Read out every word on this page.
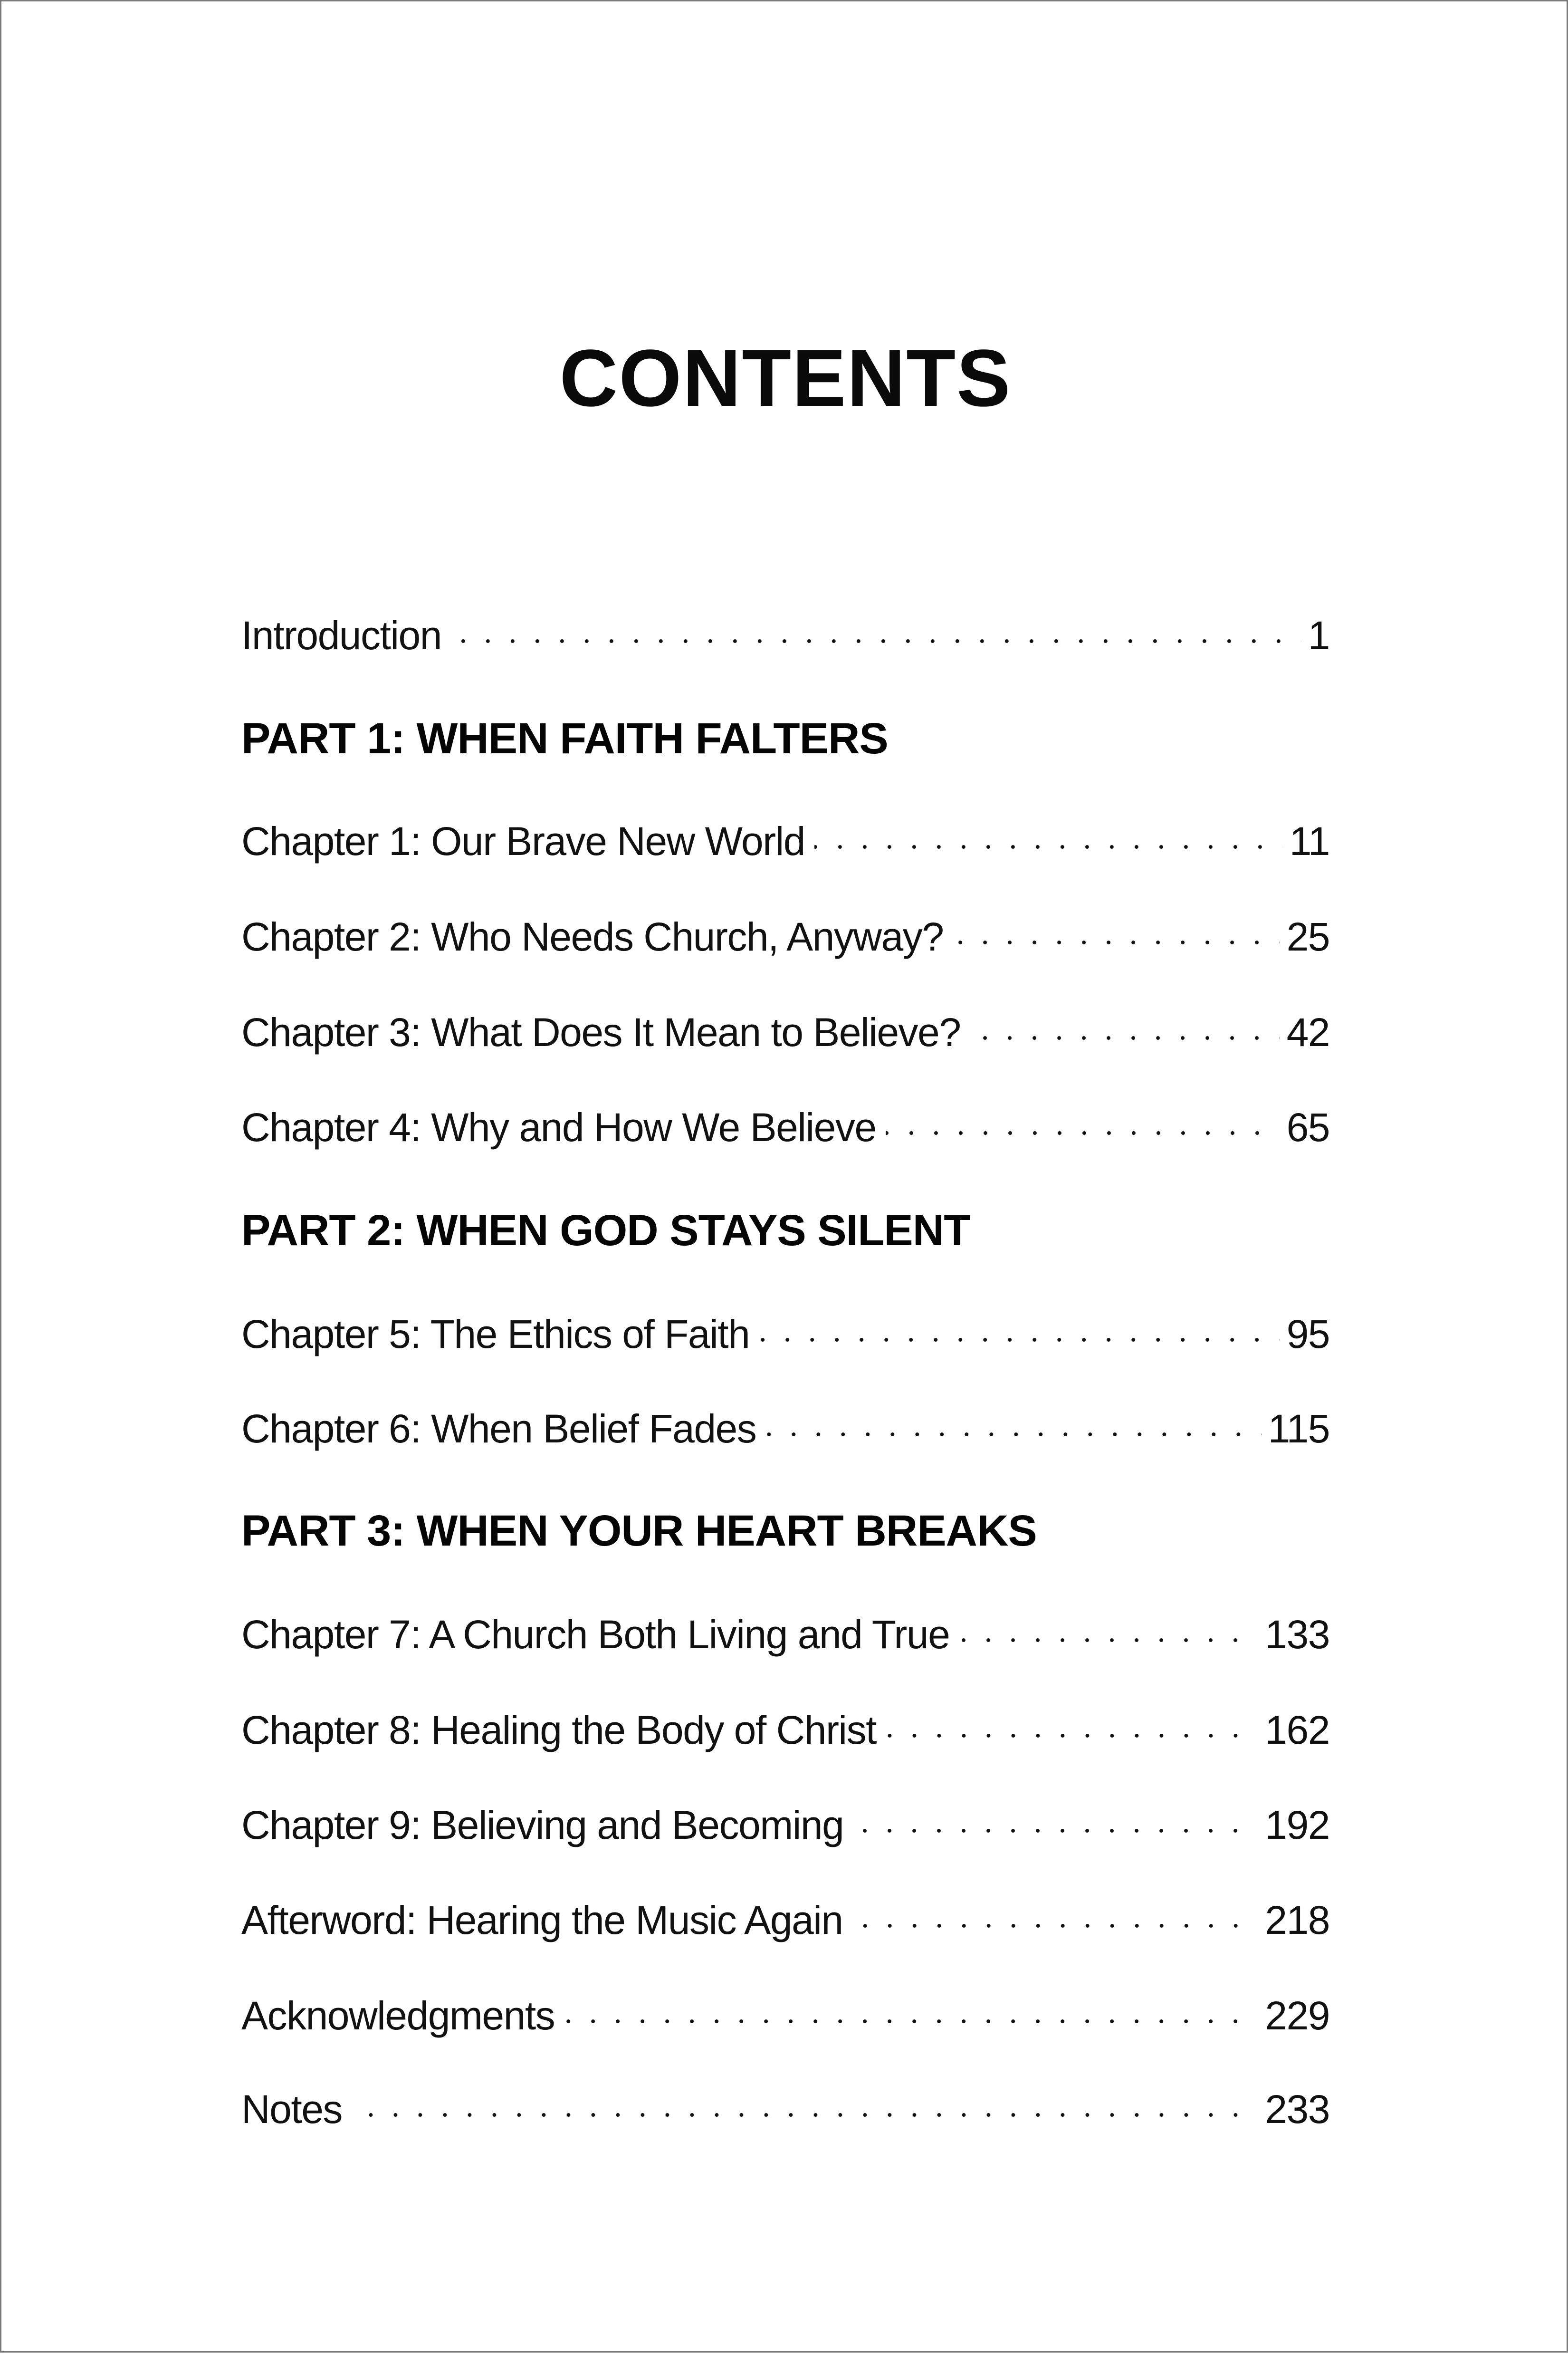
CONTENTS
Introduction	1
PART 1: WHEN FAITH FALTERS
Chapter 1: Our Brave New World	11
Chapter 2: Who Needs Church, Anyway?	25
Chapter 3: What Does It Mean to Believe?	42
Chapter 4: Why and How We Believe	65
PART 2: WHEN GOD STAYS SILENT
Chapter 5: The Ethics of Faith	95
Chapter 6: When Belief Fades	115
PART 3: WHEN YOUR HEART BREAKS
Chapter 7: A Church Both Living and True	133
Chapter 8: Healing the Body of Christ	162
Chapter 9: Believing and Becoming	192
Afterword: Hearing the Music Again	218
Acknowledgments	229
Notes	233
